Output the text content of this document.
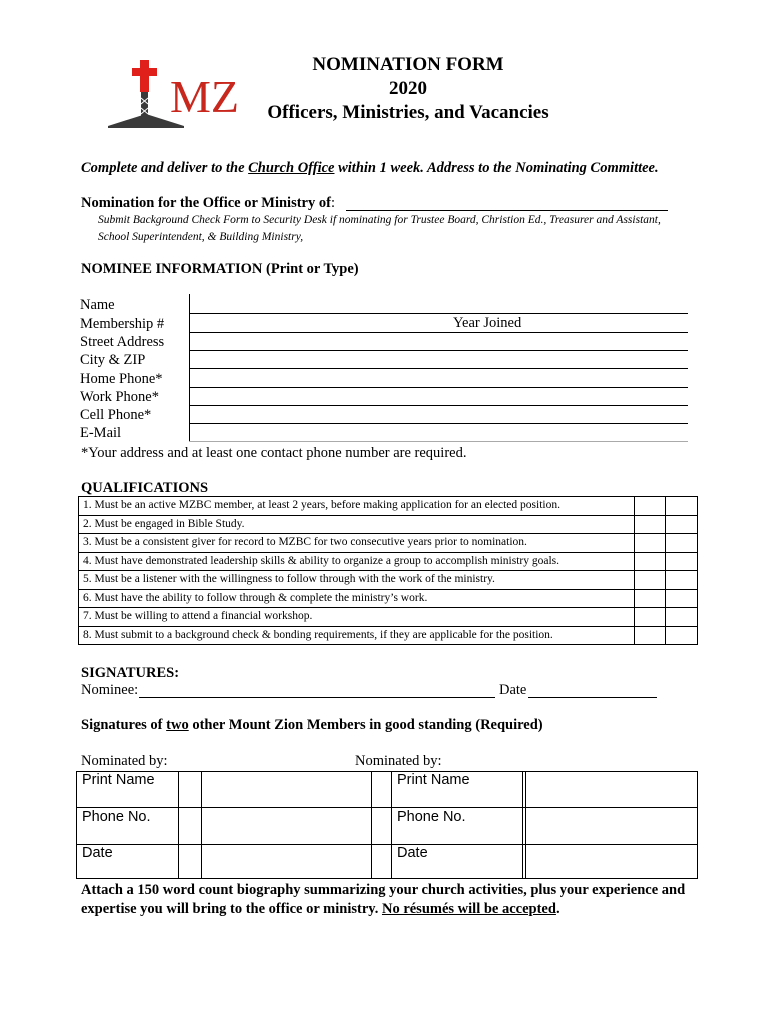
MZ
NOMINATION FORM
2020
Officers, Ministries, and Vacancies
Complete and deliver to the Church Office within 1 week. Address to the Nominating Committee.
Nomination for the Office or Ministry of:
Submit Background Check Form to Security Desk if nominating for Trustee Board, Christion Ed., Treasurer and Assistant, School Superintendent, & Building Ministry,
NOMINEE INFORMATION (Print or Type)
Name
Membership #	Year Joined
Street Address
City & ZIP
Home Phone*
Work Phone*
Cell Phone*
E-Mail
*Your address and at least one contact phone number are required.
QUALIFICATIONS
1. Must be an active MZBC member, at least 2 years, before making application for an elected position.		
2. Must be engaged in Bible Study.		
3. Must be a consistent giver for record to MZBC for two consecutive years prior to nomination.		
4. Must have demonstrated leadership skills & ability to organize a group to accomplish ministry goals.		
5. Must be a listener with the willingness to follow through with the work of the ministry.		
6. Must have the ability to follow through & complete the ministry’s work.		
7. Must be willing to attend a financial workshop.		
8. Must submit to a background check & bonding requirements, if they are applicable for the position.		
SIGNATURES:
Nominee:	Date
Signatures of two other Mount Zion Members in good standing (Required)
Nominated by:	Nominated by:
Print Name
Phone No.
Date
Print Name
Phone No.
Date
Attach a 150 word count biography summarizing your church activities, plus your experience and expertise you will bring to the office or ministry. No résumés will be accepted.
